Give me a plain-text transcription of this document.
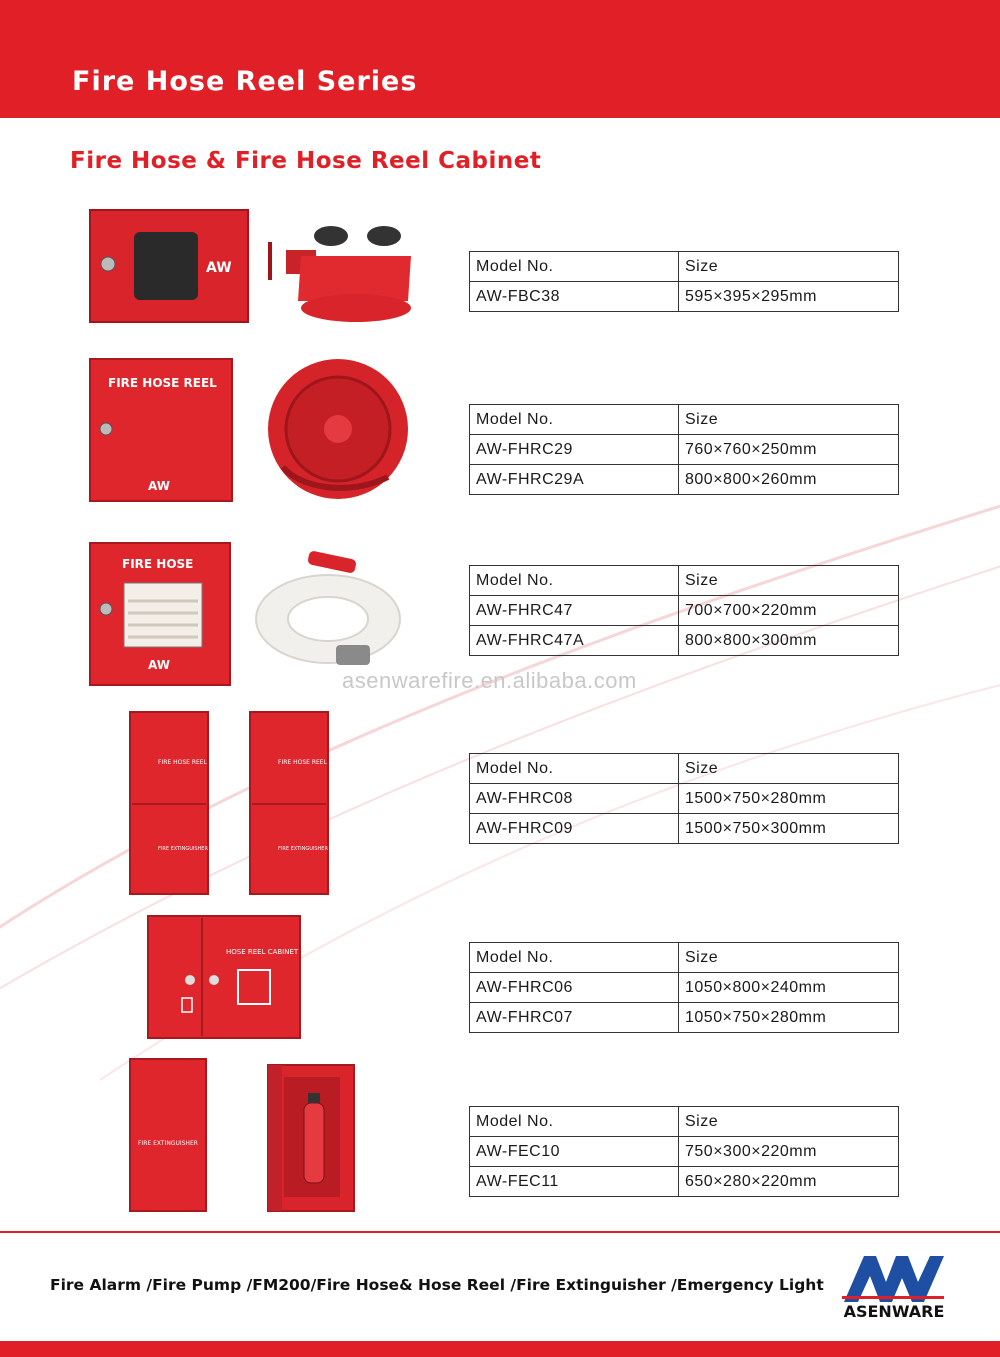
Fire Hose Reel Series
Fire Hose & Fire Hose Reel Cabinet
AW
FIRE HOSE REEL
AW
FIRE HOSE
AW
FIRE HOSE REEL
FIRE EXTINGUISHER
FIRE HOSE REEL
FIRE EXTINGUISHER
HOSE REEL CABINET
FIRE EXTINGUISHER
Model No.	Size
AW-FBC38	595×395×295mm
Model No.	Size
AW-FHRC29	760×760×250mm
AW-FHRC29A	800×800×260mm
Model No.	Size
AW-FHRC47	700×700×220mm
AW-FHRC47A	800×800×300mm
Model No.	Size
AW-FHRC08	1500×750×280mm
AW-FHRC09	1500×750×300mm
Model No.	Size
AW-FHRC06	1050×800×240mm
AW-FHRC07	1050×750×280mm
Model No.	Size
AW-FEC10	750×300×220mm
AW-FEC11	650×280×220mm
asenwarefire.en.alibaba.com
Fire Alarm /Fire Pump /FM200/Fire Hose& Hose Reel /Fire Extinguisher /Emergency Light
ASENWARE
